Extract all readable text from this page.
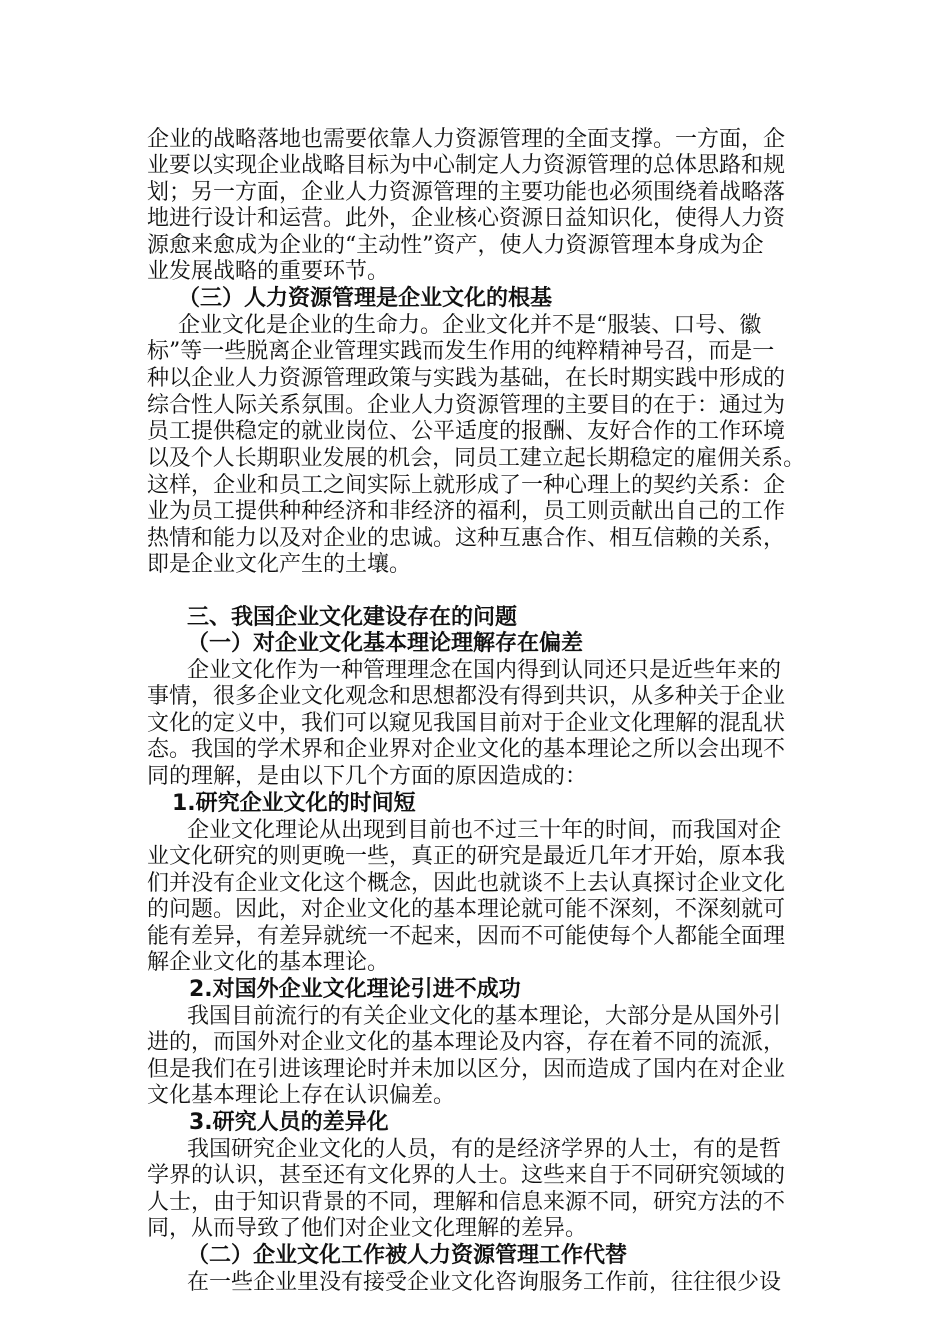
企业的战略落地也需要依靠人力资源管理的全面支撑。一方面，企
业要以实现企业战略目标为中心制定人力资源管理的总体思路和规
划；另一方面，企业人力资源管理的主要功能也必须围绕着战略落
地进行设计和运营。此外，企业核心资源日益知识化，使得人力资
源愈来愈成为企业的“主动性”资产，使人力资源管理本身成为企
业发展战略的重要环节。
（三）人力资源管理是企业文化的根基
企业文化是企业的生命力。企业文化并不是“服装、口号、徽
标”等一些脱离企业管理实践而发生作用的纯粹精神号召，而是一
种以企业人力资源管理政策与实践为基础，在长时期实践中形成的
综合性人际关系氛围。企业人力资源管理的主要目的在于：通过为
员工提供稳定的就业岗位、公平适度的报酬、友好合作的工作环境
以及个人长期职业发展的机会，同员工建立起长期稳定的雇佣关系。
这样，企业和员工之间实际上就形成了一种心理上的契约关系：企
业为员工提供种种经济和非经济的福利，员工则贡献出自己的工作
热情和能力以及对企业的忠诚。这种互惠合作、相互信赖的关系，
即是企业文化产生的土壤。
三、我国企业文化建设存在的问题
（一）对企业文化基本理论理解存在偏差
企业文化作为一种管理理念在国内得到认同还只是近些年来的
事情，很多企业文化观念和思想都没有得到共识，从多种关于企业
文化的定义中，我们可以窥见我国目前对于企业文化理解的混乱状
态。我国的学术界和企业界对企业文化的基本理论之所以会出现不
同的理解，是由以下几个方面的原因造成的：
1.研究企业文化的时间短
企业文化理论从出现到目前也不过三十年的时间，而我国对企
业文化研究的则更晚一些，真正的研究是最近几年才开始，原本我
们并没有企业文化这个概念，因此也就谈不上去认真探讨企业文化
的问题。因此，对企业文化的基本理论就可能不深刻，不深刻就可
能有差异，有差异就统一不起来，因而不可能使每个人都能全面理
解企业文化的基本理论。
2.对国外企业文化理论引进不成功
我国目前流行的有关企业文化的基本理论，大部分是从国外引
进的，而国外对企业文化的基本理论及内容，存在着不同的流派，
但是我们在引进该理论时并未加以区分，因而造成了国内在对企业
文化基本理论上存在认识偏差。
3.研究人员的差异化
我国研究企业文化的人员，有的是经济学界的人士，有的是哲
学界的认识，甚至还有文化界的人士。这些来自于不同研究领域的
人士，由于知识背景的不同，理解和信息来源不同，研究方法的不
同，从而导致了他们对企业文化理解的差异。
（二）企业文化工作被人力资源管理工作代替
在一些企业里没有接受企业文化咨询服务工作前，往往很少设
